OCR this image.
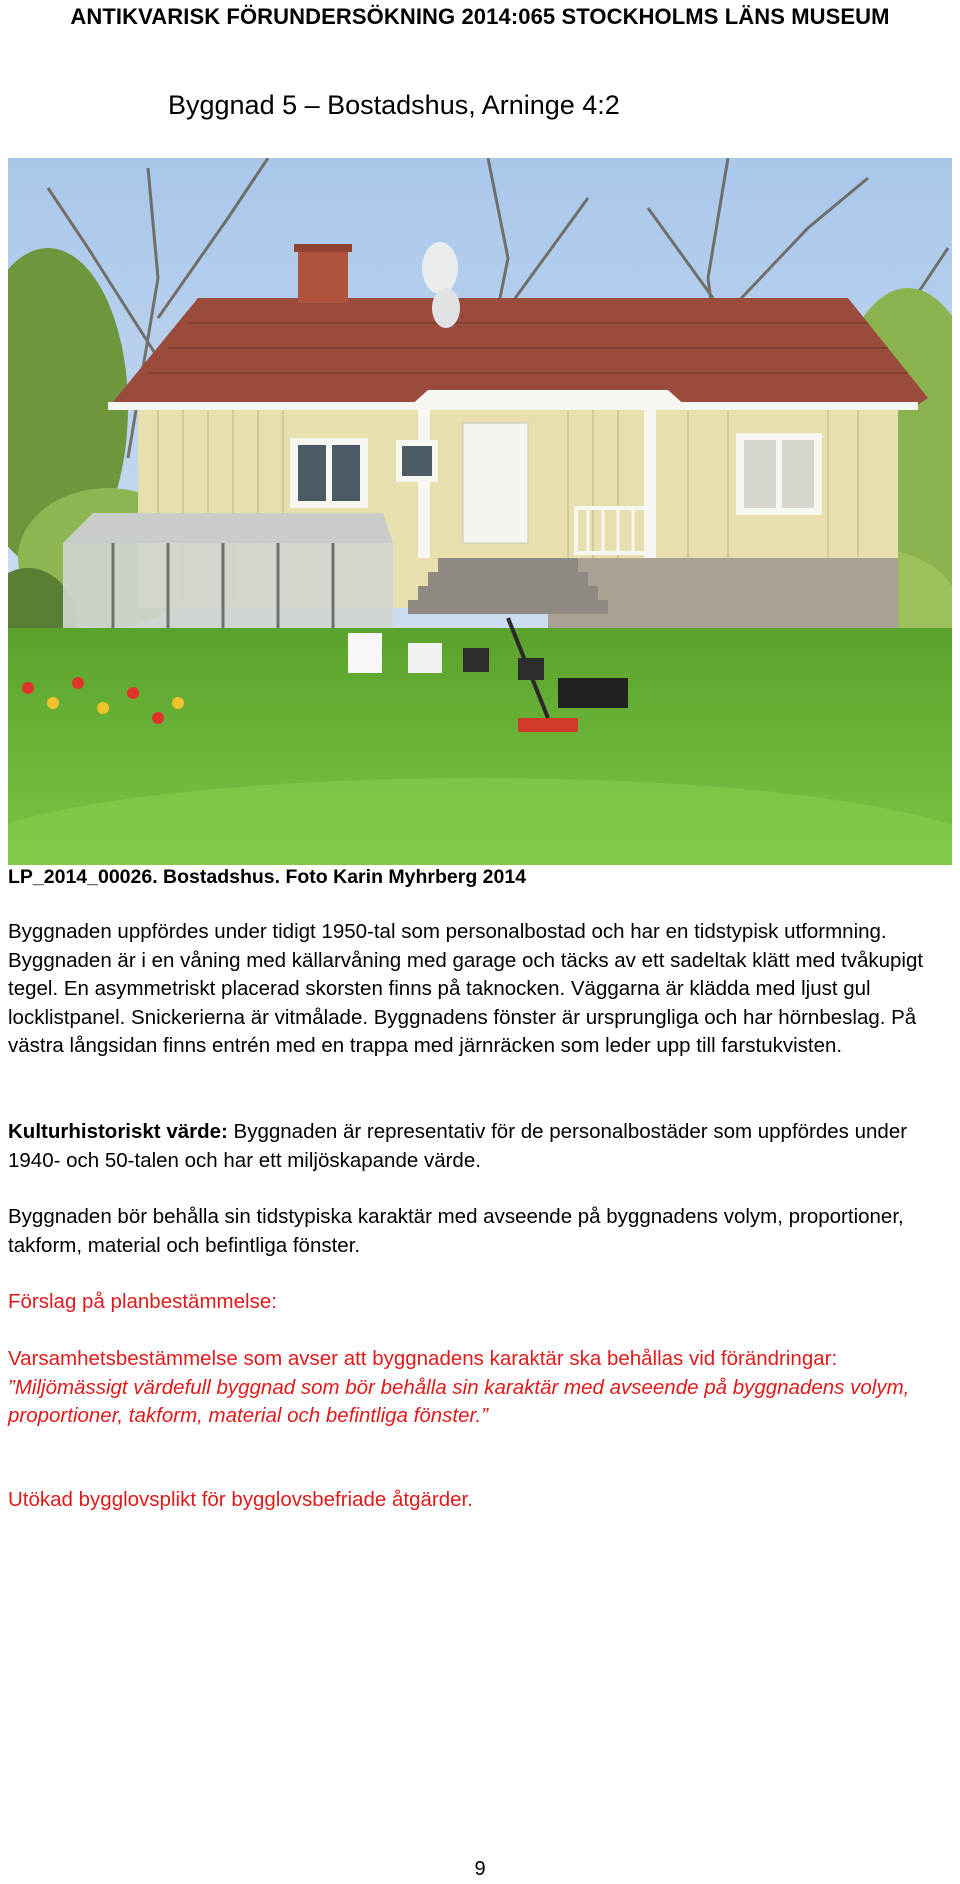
ANTIKVARISK FÖRUNDERSÖKNING 2014:065 STOCKHOLMS LÄNS MUSEUM
Byggnad 5 – Bostadshus, Arninge 4:2
LP_2014_00026. Bostadshus. Foto Karin Myhrberg 2014

Byggnaden uppfördes under tidigt 1950-tal som personalbostad och har en tidstypisk utformning. Byggnaden är i en våning med källarvåning med garage och täcks av ett sadeltak klätt med tvåkupigt tegel. En asymmetriskt placerad skorsten finns på taknocken. Väggarna är klädda med ljust gul locklistpanel. Snickerierna är vitmålade. Byggnadens fönster är ursprungliga och har hörnbeslag. På västra långsidan finns entrén med en trappa med järnräcken som leder upp till farstukvisten.

Kulturhistoriskt värde: Byggnaden är representativ för de personalbostäder som uppfördes under 1940- och 50-talen och har ett miljöskapande värde.

Byggnaden bör behålla sin tidstypiska karaktär med avseende på byggnadens volym, proportioner, takform, material och befintliga fönster.

Förslag på planbestämmelse:

Varsamhetsbestämmelse som avser att byggnadens karaktär ska behållas vid förändringar: ”Miljömässigt värdefull byggnad som bör behålla sin karaktär med avseende på byggnadens volym, proportioner, takform, material och befintliga fönster.”

Utökad bygglovsplikt för bygglovsbefriade åtgärder.

9
